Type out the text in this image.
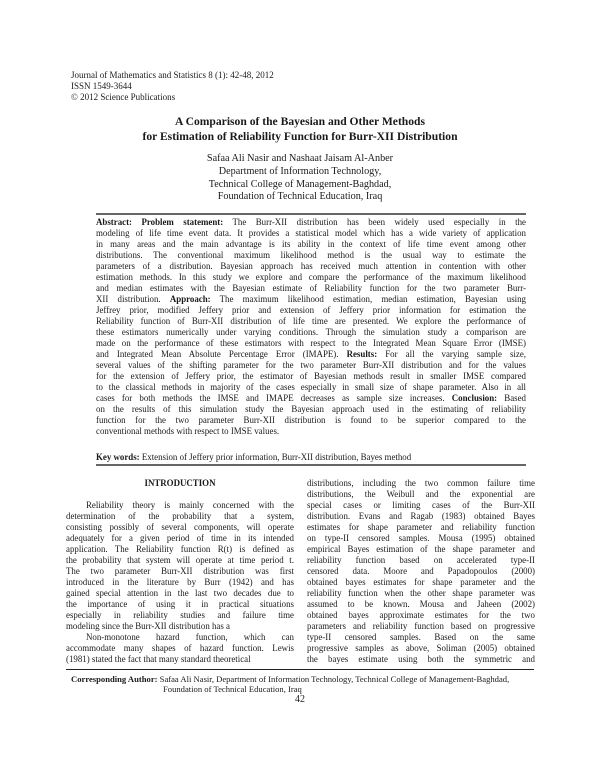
Journal of Mathematics and Statistics 8 (1): 42-48, 2012
ISSN 1549-3644
© 2012 Science Publications
A Comparison of the Bayesian and Other Methods
for Estimation of Reliability Function for Burr-XII Distribution
Safaa Ali Nasir and Nashaat Jaisam Al-Anber
Department of Information Technology,
Technical College of Management-Baghdad,
Foundation of Technical Education, Iraq
Abstract: Problem statement: The Burr-XII distribution has been widely used especially in the
modeling of life time event data. It provides a statistical model which has a wide variety of application
in many areas and the main advantage is its ability in the context of life time event among other
distributions. The conventional maximum likelihood method is the usual way to estimate the
parameters of a distribution. Bayesian approach has received much attention in contention with other
estimation methods. In this study we explore and compare the performance of the maximum likelihood
and median estimates with the Bayesian estimate of Reliability function for the two parameter Burr-
XII distribution. Approach: The maximum likelihood estimation, median estimation, Bayesian using
Jeffrey prior, modified Jeffery prior and extension of Jeffery prior information for estimation the
Reliability function of Burr-XII distribution of life time are presented. We explore the performance of
these estimators numerically under varying conditions. Through the simulation study a comparison are
made on the performance of these estimators with respect to the Integrated Mean Square Error (IMSE)
and Integrated Mean Absolute Percentage Error (IMAPE). Results: For all the varying sample size,
several values of the shifting parameter for the two parameter Burr-XII distribution and for the values
for the extension of Jeffery prior, the estimator of Bayesian methods result in smaller IMSE compared
to the classical methods in majority of the cases especially in small size of shape parameter. Also in all
cases for both methods the IMSE and IMAPE decreases as sample size increases. Conclusion: Based
on the results of this simulation study the Bayesian approach used in the estimating of reliability
function for the two parameter Burr-XII distribution is found to be superior compared to the
conventional methods with respect to IMSE values.
Key words: Extension of Jeffery prior information, Burr-XII distribution, Bayes method
INTRODUCTION
Reliability theory is mainly concerned with the
determination of the probability that a system,
consisting possibly of several components, will operate
adequately for a given period of time in its intended
application. The Reliability function R(t) is defined as
the probability that system will operate at time period t.
The two parameter Burr-XII distribution was first
introduced in the literature by Burr (1942) and has
gained special attention in the last two decades due to
the importance of using it in practical situations
especially in reliability studies and failure time
modeling since the Burr-XII distribution has a
Non-monotone hazard function, which can
accommodate many shapes of hazard function. Lewis
(1981) stated the fact that many standard theoretical
distributions, including the two common failure time
distributions, the Weibull and the exponential are
special cases or limiting cases of the Burr-XII
distribution. Evans and Ragab (1983) obtained Bayes
estimates for shape parameter and reliability function
on type-II censored samples. Mousa (1995) obtained
empirical Bayes estimation of the shape parameter and
reliability function based on accelerated type-II
censored data. Moore and Papadopoulos (2000)
obtained bayes estimates for shape parameter and the
reliability function when the other shape parameter was
assumed to be known. Mousa and Jaheen (2002)
obtained bayes approximate estimates for the two
parameters and reliability function based on progressive
type-II censored samples. Based on the same
progressive samples as above, Soliman (2005) obtained
the bayes estimate using both the symmetric and
Corresponding Author: Safaa Ali Nasir, Department of Information Technology, Technical College of Management-Baghdad,
Foundation of Technical Education, Iraq
42
